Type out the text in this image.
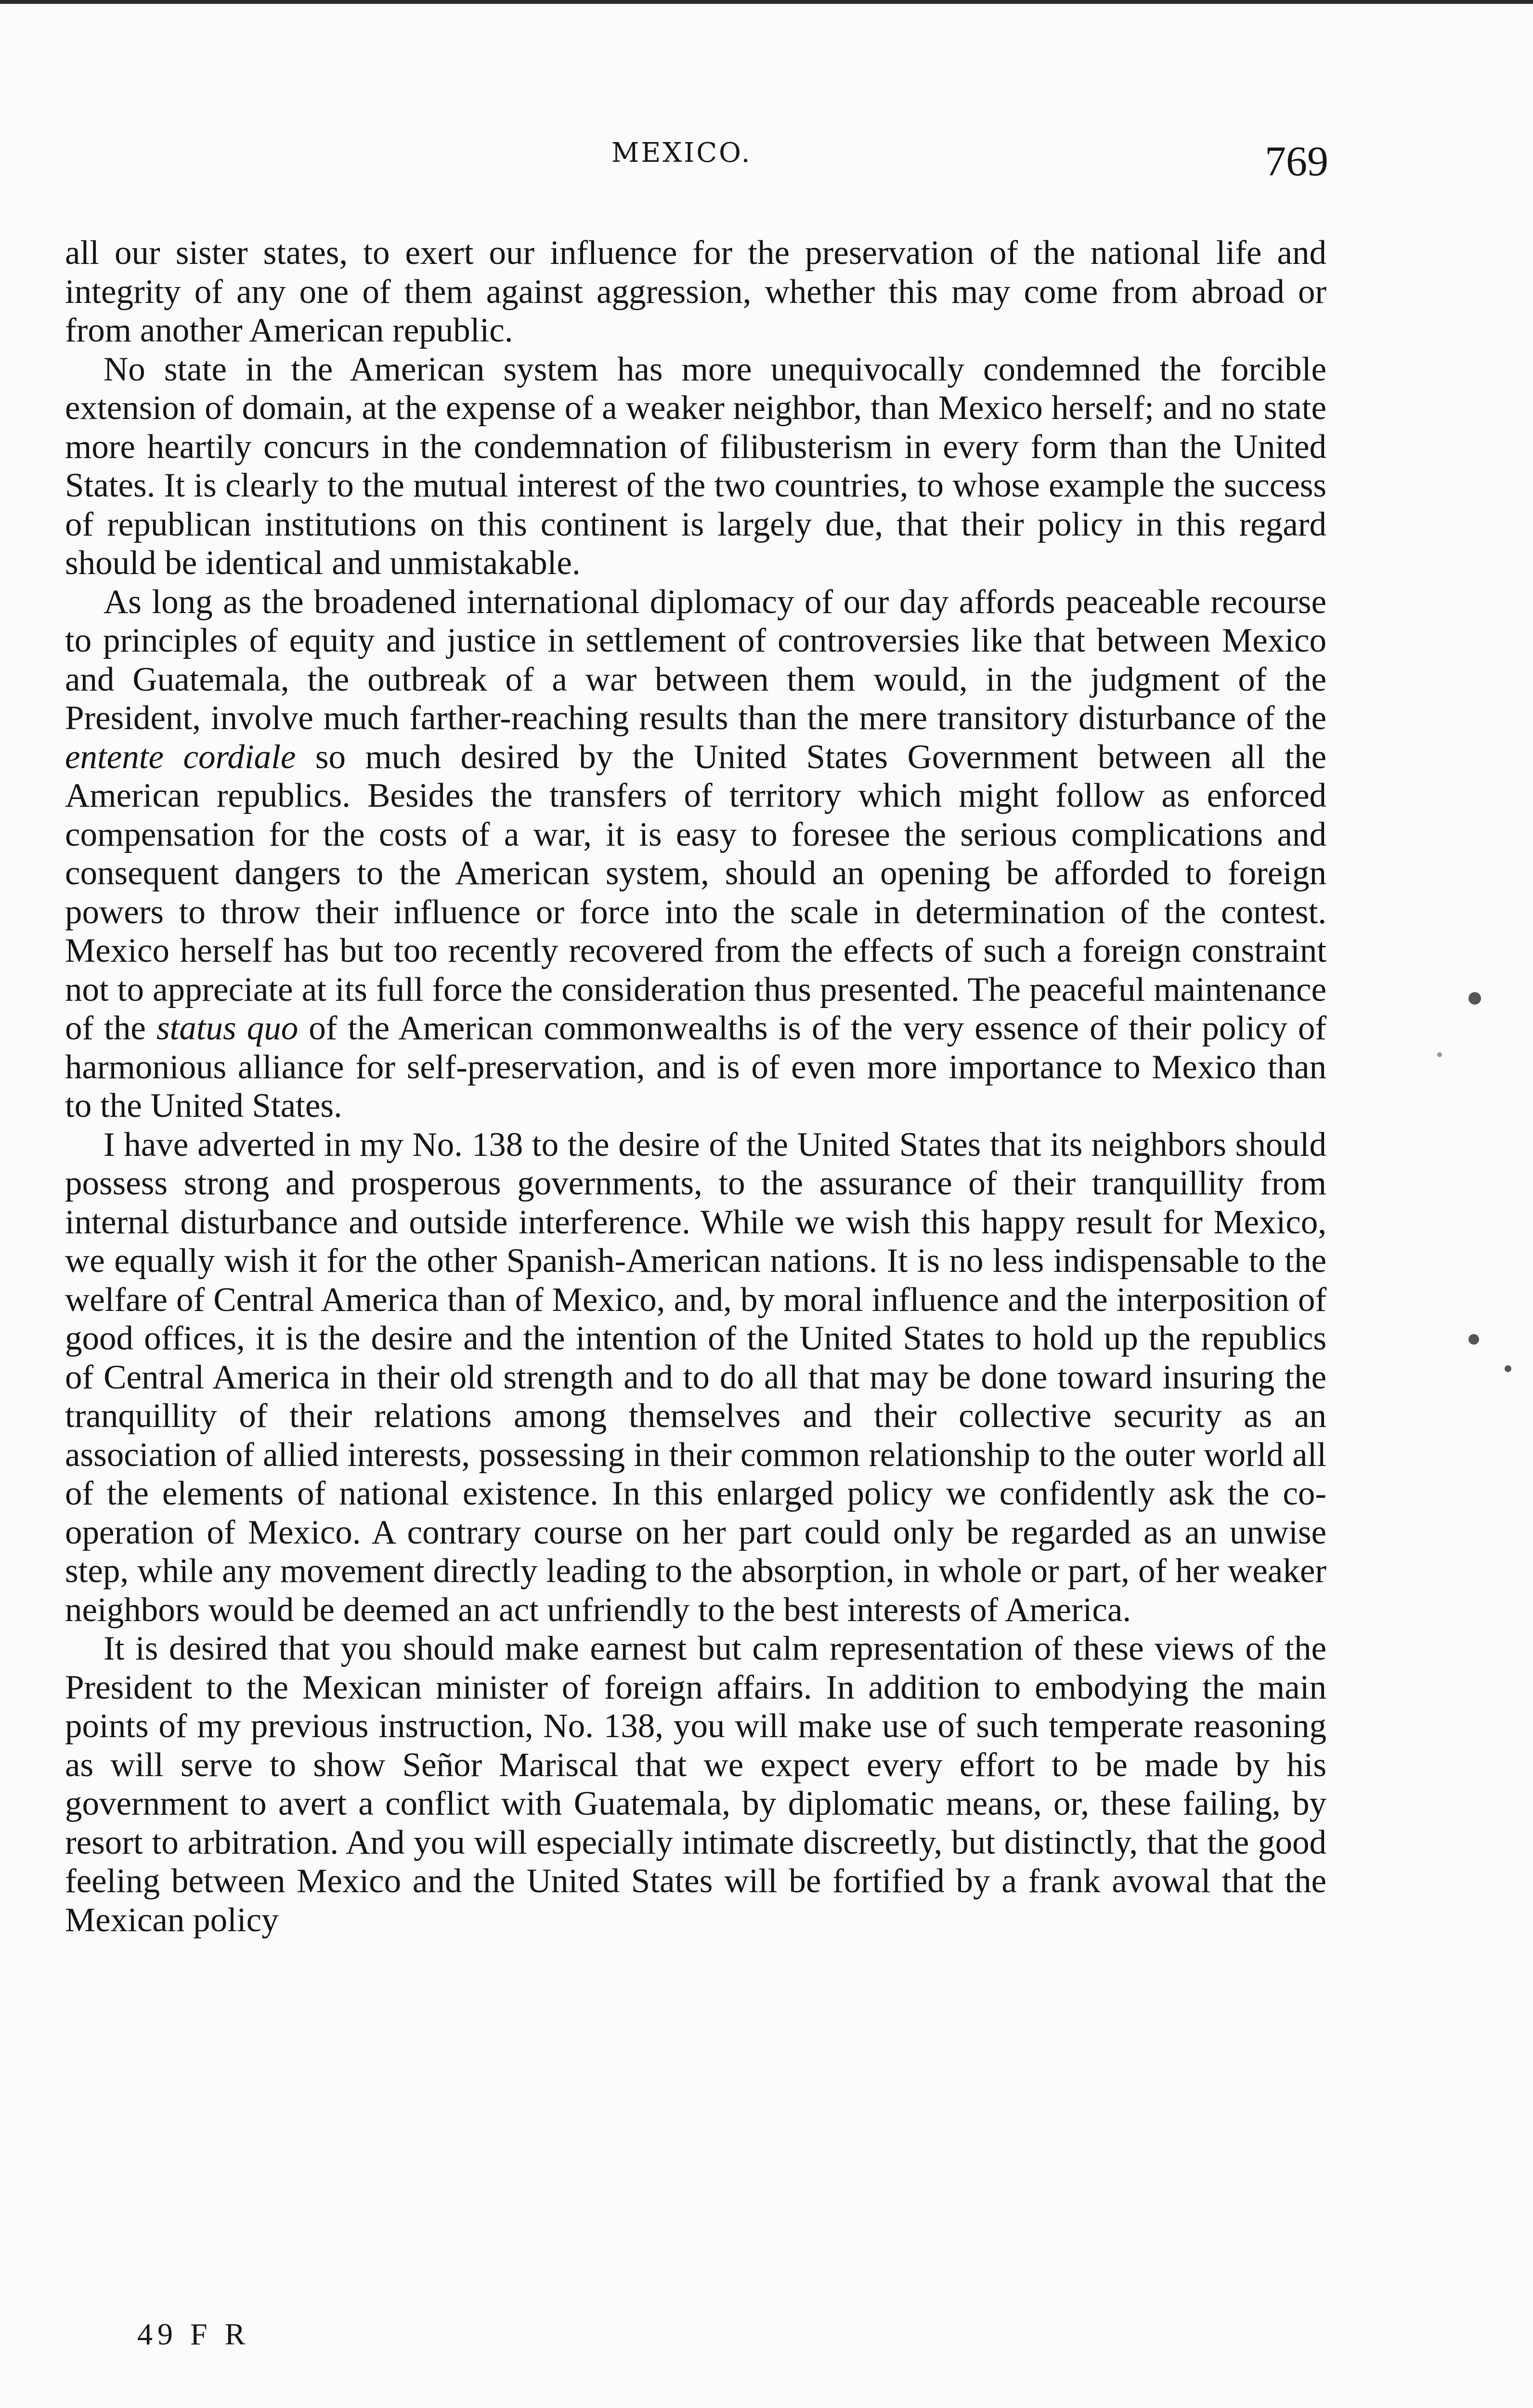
MEXICO.	769

all our sister states, to exert our influence for the preservation of the national life and integrity of any one of them against aggression, whether this may come from abroad or from another American republic.

No state in the American system has more unequivocally condemned the forcible extension of domain, at the expense of a weaker neighbor, than Mexico herself; and no state more heartily concurs in the condemnation of filibusterism in every form than the United States. It is clearly to the mutual interest of the two countries, to whose example the success of republican institutions on this continent is largely due, that their policy in this regard should be identical and unmistakable.

As long as the broadened international diplomacy of our day affords peaceable recourse to principles of equity and justice in settlement of controversies like that between Mexico and Guatemala, the outbreak of a war between them would, in the judgment of the President, involve much farther-reaching results than the mere transitory disturbance of the entente cordiale so much desired by the United States Government between all the American republics. Besides the transfers of territory which might follow as enforced compensation for the costs of a war, it is easy to foresee the serious complications and consequent dangers to the American system, should an opening be afforded to foreign powers to throw their influence or force into the scale in determination of the contest. Mexico herself has but too recently recovered from the effects of such a foreign constraint not to appreciate at its full force the consideration thus presented. The peaceful maintenance of the status quo of the American commonwealths is of the very essence of their policy of harmonious alliance for self-preservation, and is of even more importance to Mexico than to the United States.

I have adverted in my No. 138 to the desire of the United States that its neighbors should possess strong and prosperous governments, to the assurance of their tranquillity from internal disturbance and outside interference. While we wish this happy result for Mexico, we equally wish it for the other Spanish-American nations. It is no less indispensable to the welfare of Central America than of Mexico, and, by moral influence and the interposition of good offices, it is the desire and the intention of the United States to hold up the republics of Central America in their old strength and to do all that may be done toward insuring the tranquillity of their relations among themselves and their collective security as an association of allied interests, possessing in their common relationship to the outer world all of the elements of national existence. In this enlarged policy we confidently ask the co-operation of Mexico. A contrary course on her part could only be regarded as an unwise step, while any movement directly leading to the absorption, in whole or part, of her weaker neighbors would be deemed an act unfriendly to the best interests of America.

It is desired that you should make earnest but calm representation of these views of the President to the Mexican minister of foreign affairs. In addition to embodying the main points of my previous instruction, No. 138, you will make use of such temperate reasoning as will serve to show Señor Mariscal that we expect every effort to be made by his government to avert a conflict with Guatemala, by diplomatic means, or, these failing, by resort to arbitration. And you will especially intimate discreetly, but distinctly, that the good feeling between Mexico and the United States will be fortified by a frank avowal that the Mexican policy

49 F R
